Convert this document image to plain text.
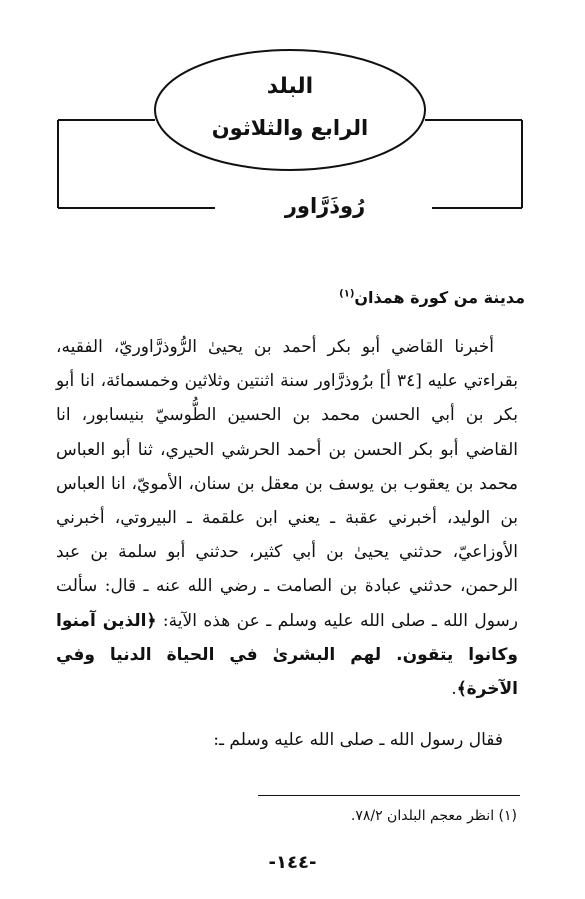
البلد
الرابع والثلاثون
رُوذَرَّاور
مدينة من كورة همذان$^{(١)}$
أخبرنا القاضي أبو بكر أحمد بن يحيىٰ الرُّوذرَّاوريّ، الفقيه، بقراءتي عليه [٣٤ أ] برُوذرَّاور سنة اثنتين وثلاثين وخمسمائة، انا أبو بكر بن أبي الحسن محمد بن الحسين الطُّوسيّ بنيسابور، انا القاضي أبو بكر الحسن بن أحمد الحرشي الحيري، ثنا أبو العباس محمد بن يعقوب بن يوسف بن معقل بن سنان، الأمويّ، انا العباس بن الوليد، أخبرني عقبة ـ يعني ابن علقمة ـ البيروتي، أخبرني الأوزاعيّ، حدثني يحيىٰ بن أبي كثير، حدثني أبو سلمة بن عبد الرحمن، حدثني عبادة بن الصامت ـ رضي الله عنه ـ قال: سألت رسول الله ـ صلى الله عليه وسلم ـ عن هذه الآية: ﴿الذين آمنوا وكانوا يتقون. لهم البشرىٰ في الحياة الدنيا وفي الآخرة﴾.
فقال رسول الله ـ صلى الله عليه وسلم ـ:
(١) انظر معجم البلدان ٧٨/٢.
-١٤٤-
